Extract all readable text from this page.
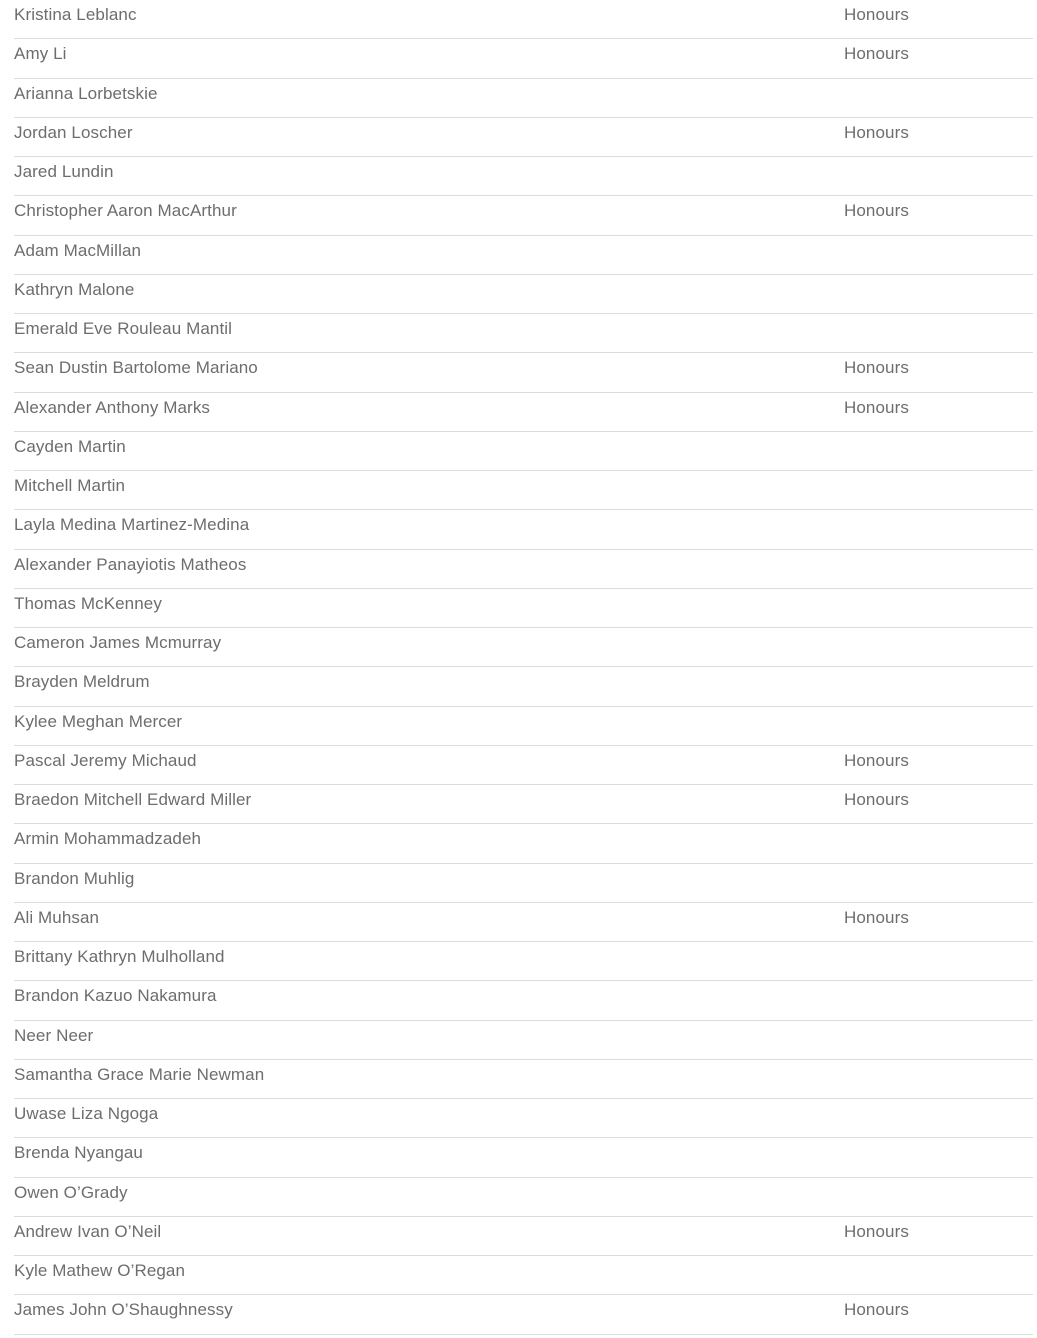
Kristina Leblanc	Honours
Amy Li	Honours
Arianna Lorbetskie
Jordan Loscher	Honours
Jared Lundin
Christopher Aaron MacArthur	Honours
Adam MacMillan
Kathryn Malone
Emerald Eve Rouleau Mantil
Sean Dustin Bartolome Mariano	Honours
Alexander Anthony Marks	Honours
Cayden Martin
Mitchell Martin
Layla Medina Martinez-Medina
Alexander Panayiotis Matheos
Thomas McKenney
Cameron James Mcmurray
Brayden Meldrum
Kylee Meghan Mercer
Pascal Jeremy Michaud	Honours
Braedon Mitchell Edward Miller	Honours
Armin Mohammadzadeh
Brandon Muhlig
Ali Muhsan	Honours
Brittany Kathryn Mulholland
Brandon Kazuo Nakamura
Neer Neer
Samantha Grace Marie Newman
Uwase Liza Ngoga
Brenda Nyangau
Owen O’Grady
Andrew Ivan O’Neil	Honours
Kyle Mathew O’Regan
James John O’Shaughnessy	Honours
